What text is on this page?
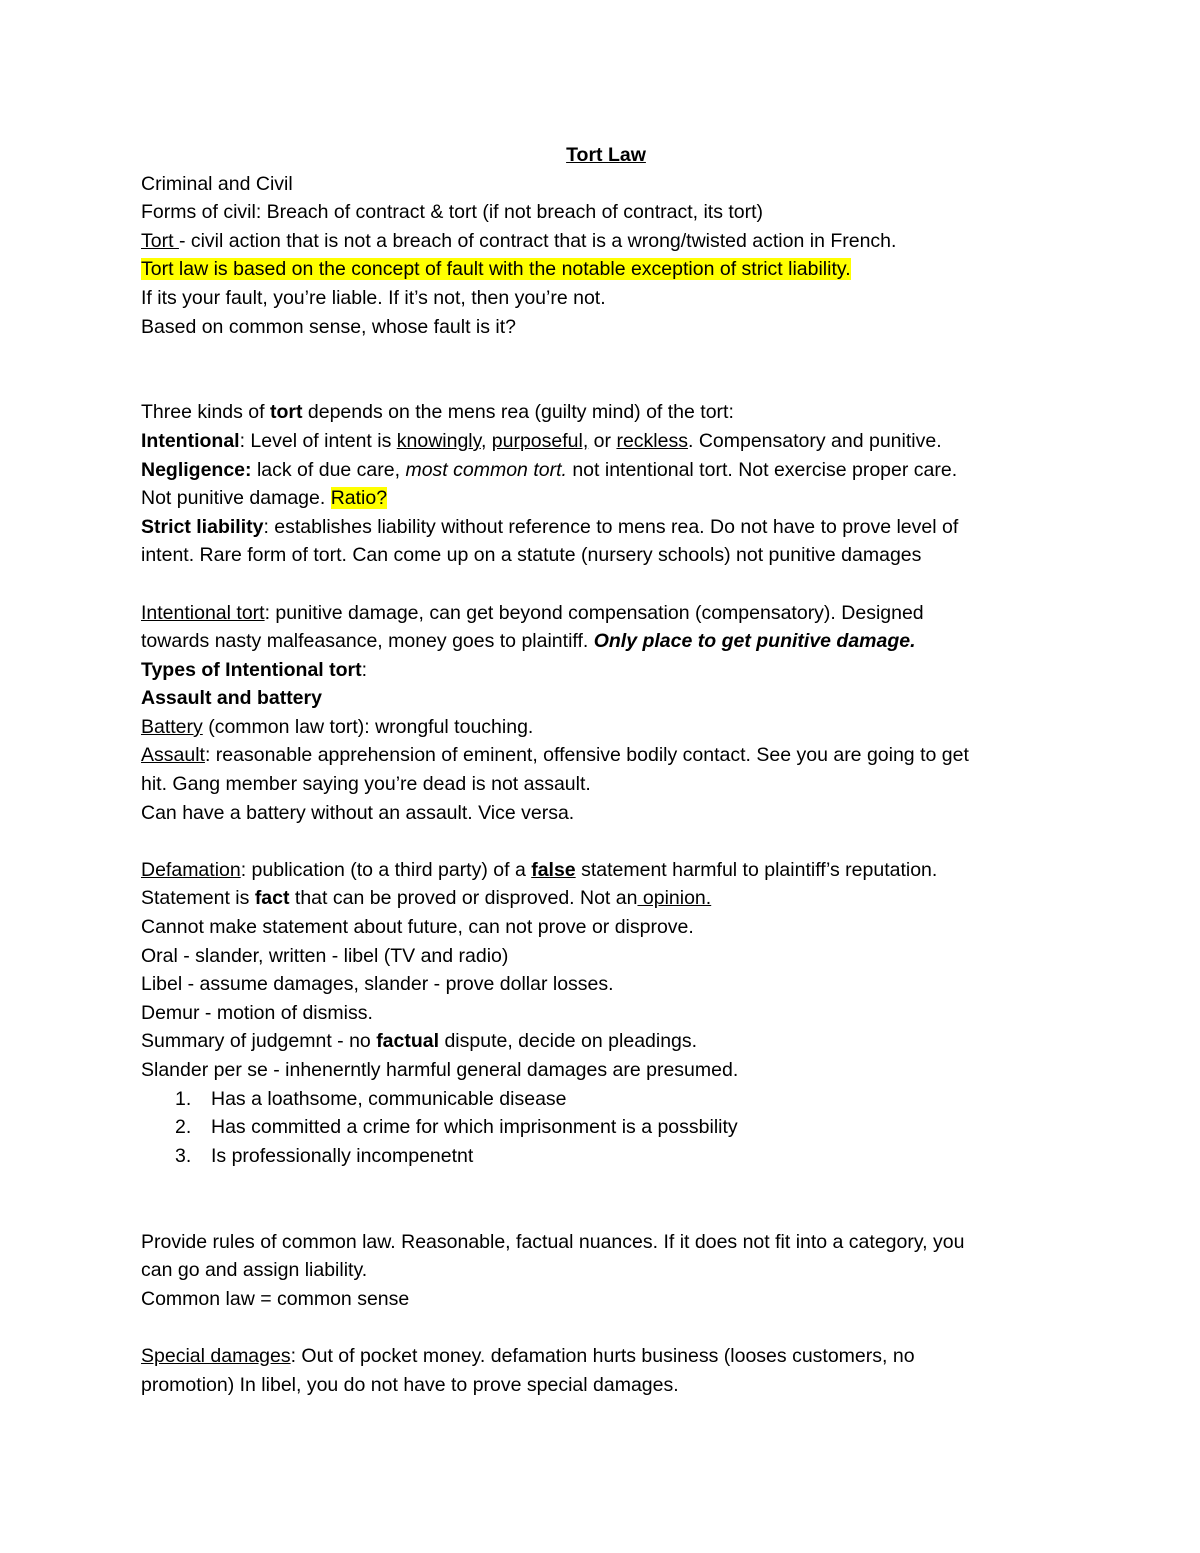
Tort Law
Criminal and Civil
Forms of civil: Breach of contract & tort (if not breach of contract, its tort)
Tort - civil action that is not a breach of contract that is a wrong/twisted action in French.
Tort law is based on the concept of fault with the notable exception of strict liability.
If its your fault, you’re liable. If it’s not, then you’re not.
Based on common sense, whose fault is it?
Three kinds of tort depends on the mens rea (guilty mind) of the tort:
Intentional: Level of intent is knowingly, purposeful, or reckless. Compensatory and punitive.
Negligence: lack of due care, most common tort. not intentional tort. Not exercise proper care.
Not punitive damage. Ratio?
Strict liability: establishes liability without reference to mens rea. Do not have to prove level of
intent. Rare form of tort. Can come up on a statute (nursery schools) not punitive damages
Intentional tort: punitive damage, can get beyond compensation (compensatory). Designed
towards nasty malfeasance, money goes to plaintiff. Only place to get punitive damage.
Types of Intentional tort:
Assault and battery
Battery (common law tort): wrongful touching.
Assault: reasonable apprehension of eminent, offensive bodily contact. See you are going to get
hit. Gang member saying you’re dead is not assault.
Can have a battery without an assault. Vice versa.
Defamation: publication (to a third party) of a false statement harmful to plaintiff’s reputation.
Statement is fact that can be proved or disproved. Not an opinion.
Cannot make statement about future, can not prove or disprove.
Oral - slander, written - libel (TV and radio)
Libel - assume damages, slander - prove dollar losses.
Demur - motion of dismiss.
Summary of judgemnt - no factual dispute, decide on pleadings.
Slander per se - inhenerntly harmful general damages are presumed.
1. Has a loathsome, communicable disease
2. Has committed a crime for which imprisonment is a possbility
3. Is professionally incompenetnt
Provide rules of common law. Reasonable, factual nuances. If it does not fit into a category, you
can go and assign liability.
Common law = common sense
Special damages: Out of pocket money. defamation hurts business (looses customers, no
promotion) In libel, you do not have to prove special damages.
